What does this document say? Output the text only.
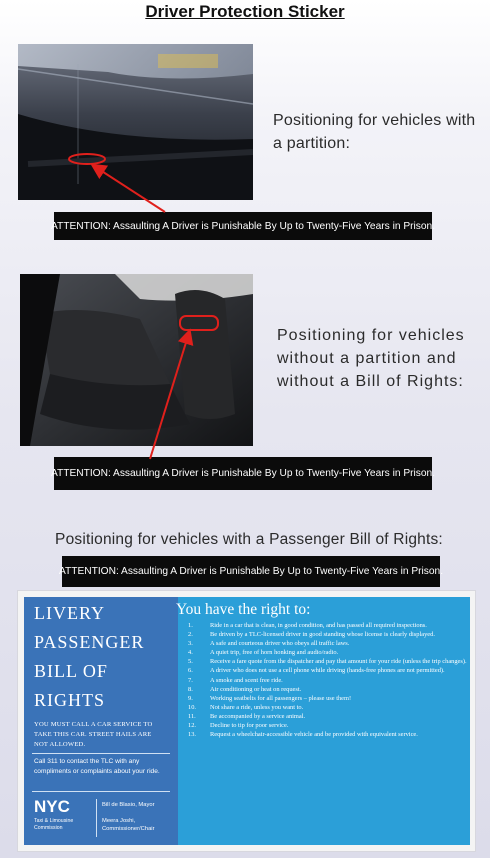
Driver Protection Sticker
Positioning for vehicles with a partition:
ATTENTION: Assaulting A Driver is Punishable By Up to Twenty-Five Years in Prison.
Positioning for vehicles without a partition and without a Bill of Rights:
ATTENTION: Assaulting A Driver is Punishable By Up to Twenty-Five Years in Prison.
Positioning for vehicles with a Passenger Bill of Rights:
ATTENTION: Assaulting A Driver is Punishable By Up to Twenty-Five Years in Prison.
LIVERY
PASSENGER
BILL OF
RIGHTS
YOU MUST CALL A CAR SERVICE TO TAKE THIS CAR. STREET HAILS ARE NOT ALLOWED.
Call 311 to contact the TLC with any compliments or complaints about your ride.
NYC
Taxi & Limousine Commission
Bill de Blasio, Mayor
Meera Joshi, Commissioner/Chair
You have the right to:
1.	Ride in a car that is clean, in good condition, and has passed all required inspections.
2.	Be driven by a TLC-licensed driver in good standing whose license is clearly displayed.
3.	A safe and courteous driver who obeys all traffic laws.
4.	A quiet trip, free of horn honking and audio/radio.
5.	Receive a fare quote from the dispatcher and pay that amount for your ride (unless the trip changes).
6.	A driver who does not use a cell phone while driving (hands-free phones are not permitted).
7.	A smoke and scent free ride.
8.	Air conditioning or heat on request.
9.	Working seatbelts for all passengers – please use them!
10.	Not share a ride, unless you want to.
11.	Be accompanied by a service animal.
12.	Decline to tip for poor service.
13.	Request a wheelchair-accessible vehicle and be provided with equivalent service.
